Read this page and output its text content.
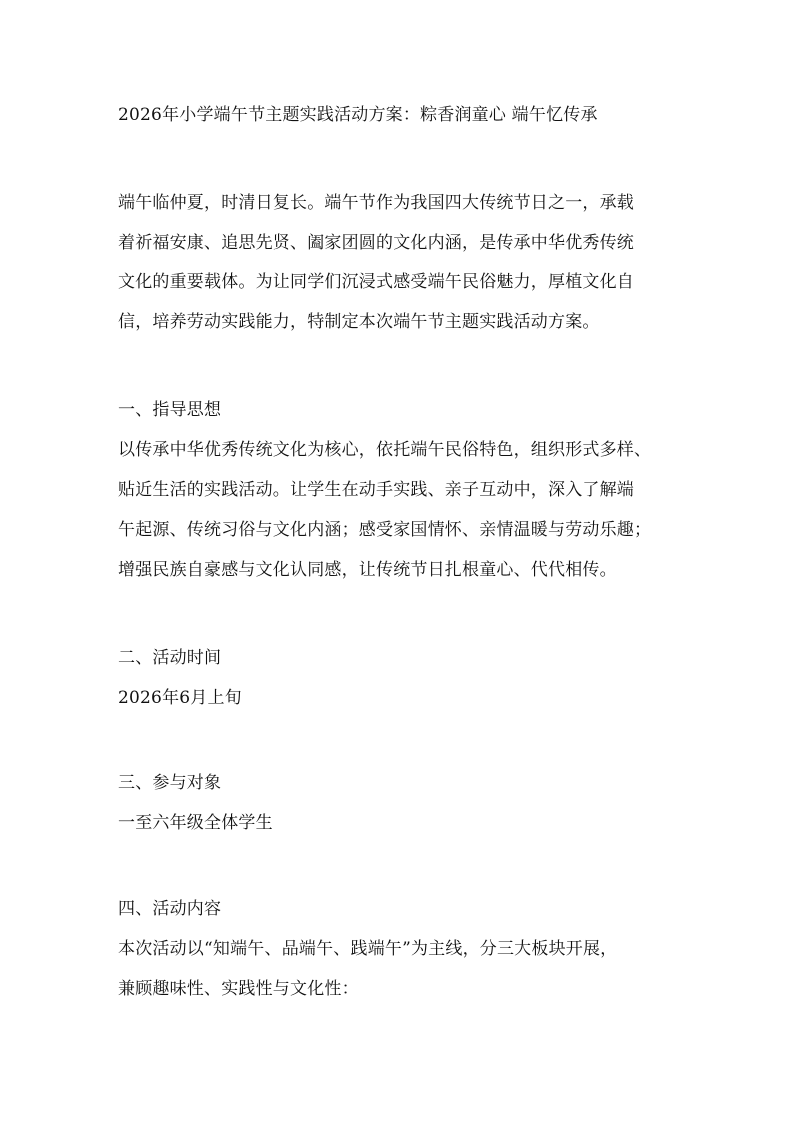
2026年小学端午节主题实践活动方案：粽香润童心 端午忆传承

端午临仲夏，时清日复长。端午节作为我国四大传统节日之一，承载

着祈福安康、追思先贤、阖家团圆的文化内涵，是传承中华优秀传统

文化的重要载体。为让同学们沉浸式感受端午民俗魅力，厚植文化自

信，培养劳动实践能力，特制定本次端午节主题实践活动方案。

一、指导思想

以传承中华优秀传统文化为核心，依托端午民俗特色，组织形式多样、

贴近生活的实践活动。让学生在动手实践、亲子互动中，深入了解端

午起源、传统习俗与文化内涵；感受家国情怀、亲情温暖与劳动乐趣；

增强民族自豪感与文化认同感，让传统节日扎根童心、代代相传。

二、活动时间

2026年6月上旬

三、参与对象

一至六年级全体学生

四、活动内容

本次活动以“知端午、品端午、践端午”为主线，分三大板块开展，

兼顾趣味性、实践性与文化性：
